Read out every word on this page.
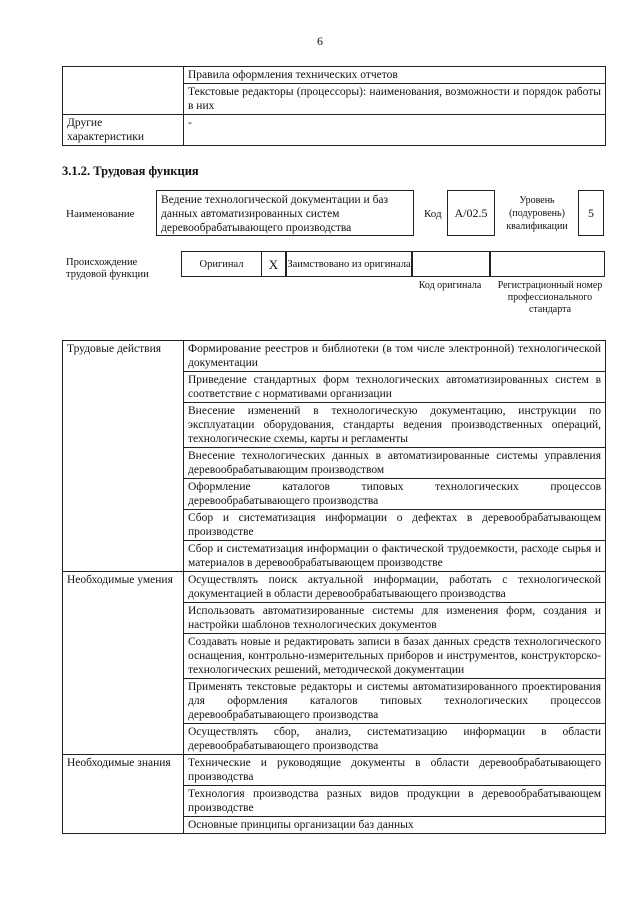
6
	Правила оформления технических отчетов
	Текстовые редакторы (процессоры): наименования, возможности и порядок работы в них
Другие характеристики	-
3.1.2. Трудовая функция
Наименование
Ведение технологической документации и баз данных автоматизированных систем деревообрабатывающего производства
Код	А/02.5
Уровень (подуровень) квалификации
5
Происхождение трудовой функции
Оригинал	X Заимствовано из оригинала
Код оригинала	Регистрационный номер профессионального стандарта
Трудовые действия	Формирование реестров и библиотеки (в том числе электронной) технологической документации
	Приведение стандартных форм технологических автоматизированных систем в соответствие с нормативами организации
	Внесение изменений в технологическую документацию, инструкции по эксплуатации оборудования, стандарты ведения производственных операций, технологические схемы, карты и регламенты
	Внесение технологических данных в автоматизированные системы управления деревообрабатывающим производством
	Оформление каталогов типовых технологических процессов деревообрабатывающего производства
	Сбор и систематизация информации о дефектах в деревообрабатывающем производстве
	Сбор и систематизация информации о фактической трудоемкости, расходе сырья и материалов в деревообрабатывающем производстве
Необходимые умения	Осуществлять поиск актуальной информации, работать с технологической документацией в области деревообрабатывающего производства
	Использовать автоматизированные системы для изменения форм, создания и настройки шаблонов технологических документов
	Создавать новые и редактировать записи в базах данных средств технологического оснащения, контрольно-измерительных приборов и инструментов, конструкторско-технологических решений, методической документации
	Применять текстовые редакторы и системы автоматизированного проектирования для оформления каталогов типовых технологических процессов деревообрабатывающего производства
	Осуществлять сбор, анализ, систематизацию информации в области деревообрабатывающего производства
Необходимые знания	Технические и руководящие документы в области деревообрабатывающего производства
	Технология производства разных видов продукции в деревообрабатывающем производстве
	Основные принципы организации баз данных
